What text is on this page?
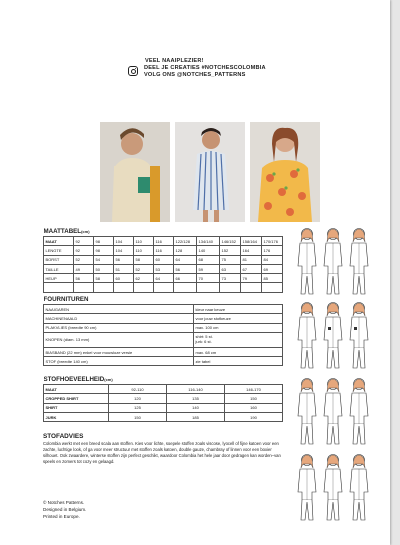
VEEL NAAIPLEZIER!
DEEL JE CREATIES #NOTCHESCOLOMBIA
VOLG ONS @NOTCHES_PATTERNS
MAATTABEL(cm)										
MAAT	92	98	104	110	116	122/128	134/140	146/152	158/164	170/176
LENGTE	92	98	104	110	116	128	140	152	164	176
BORST	52	54	56	58	60	64	68	75	81	84
TAILLE	49	50	51	52	53	56	59	63	67	69
HEUP	56	58	60	62	64	66	70	73	79	85

FOURNITUREN	
NAAIGAREN	kleur naar keuze
MACHINENAALD	voor jouw stofkeuze
PLAKVLIES (breedte 90 cm)	max. 100 cm
KNOPEN (diam. 13 mm)	shirt: 5 st.
jurk: 6 st.
BIASBAND (22 mm) enkel voor mouwloze versie	max. 68 cm
STOF (breedte 140 cm)	zie tabel
STOFHOEVEELHEID(cm)			
MAAT	92-110	116-140	146-170
CROPPED SHIRT	120	135	150
SHIRT	125	140	160
JURK	150	185	190
STOFADVIES
Colombia werkt met een breed scala aan stoffen. Kies voor lichte, soepele stoffen zoals viscose, lyocell of fijne katoen voor een zachte, luchtige look, of ga voor meer structuur met stoffen zoals katoen, double gauze, chambray of linnen voor een boxier silhouet. Ook zwaardere, winterse stoffen zijn perfect geschikt, waardoor Colombia het hele jaar door gedragen kan worden–van speels en zomers tot cozy en gelaagd.
© Notches Patterns.
Designed in Belgium.
Printed in Europe.
